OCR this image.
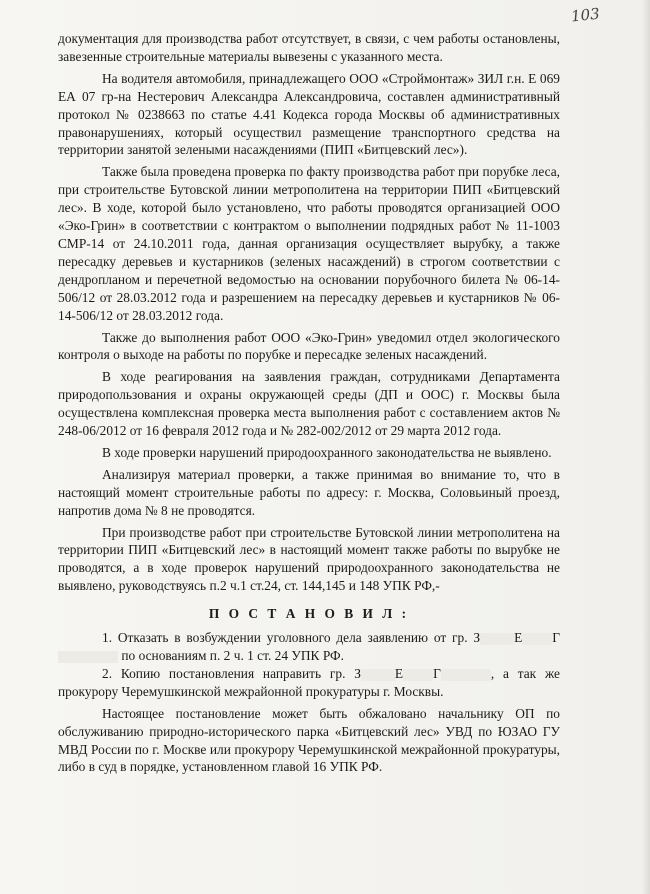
103

документация для производства работ отсутствует, в связи, с чем работы остановлены, завезенные строительные материалы вывезены с указанного места.

На водителя автомобиля, принадлежащего ООО «Строймонтаж» ЗИЛ г.н. Е 069 ЕА 07 гр-на Нестерович Александра Александровича, составлен административный протокол № 0238663 по статье 4.41 Кодекса города Москвы об административных правонарушениях, который осуществил размещение транспортного средства на территории занятой зелеными насаждениями (ПИП «Битцевский лес»).

Также была проведена проверка по факту производства работ при порубке леса, при строительстве Бутовской линии метрополитена на территории ПИП «Битцевский лес». В ходе, которой было установлено, что работы проводятся организацией ООО «Эко-Грин» в соответствии с контрактом о выполнении подрядных работ № 11-1003 СМР-14 от 24.10.2011 года, данная организация осуществляет вырубку, а также пересадку деревьев и кустарников (зеленых насаждений) в строгом соответствии с дендропланом и перечетной ведомостью на основании порубочного билета № 06-14-506/12 от 28.03.2012 года и разрешением на пересадку деревьев и кустарников № 06-14-506/12 от 28.03.2012 года.

Также до выполнения работ ООО «Эко-Грин» уведомил отдел экологического контроля о выходе на работы по порубке и пересадке зеленых насаждений.

В ходе реагирования на заявления граждан, сотрудниками Департамента природопользования и охраны окружающей среды (ДП и ООС) г. Москвы была осуществлена комплексная проверка места выполнения работ с составлением актов № 248-06/2012 от 16 февраля 2012 года и № 282-002/2012 от 29 марта 2012 года.

В ходе проверки нарушений природоохранного законодательства не выявлено.

Анализируя материал проверки, а также принимая во внимание то, что в настоящий момент строительные работы по адресу: г. Москва, Соловьиный проезд, напротив дома № 8 не проводятся.

При производстве работ при строительстве Бутовской линии метрополитена на территории ПИП «Битцевский лес» в настоящий момент также работы по вырубке не проводятся, а в ходе проверок нарушений природоохранного законодательства не выявлено, руководствуясь п.2 ч.1 ст.24, ст. 144,145 и 148 УПК РФ,-

П О С Т А Н О В И Л :

1. Отказать в возбуждении уголовного дела заявлению от гр. З	Е Г по основаниям п. 2 ч. 1 ст. 24 УПК РФ.

2. Копию постановления направить гр. З	Е Г	, а так же прокурору Черемушкинской межрайонной прокуратуры г. Москвы.

Настоящее постановление может быть обжаловано начальнику ОП по обслуживанию природно-исторического парка «Битцевский лес» УВД по ЮЗАО ГУ МВД России по г. Москве или прокурору Черемушкинской межрайонной прокуратуры, либо в суд в порядке, установленном главой 16 УПК РФ.
